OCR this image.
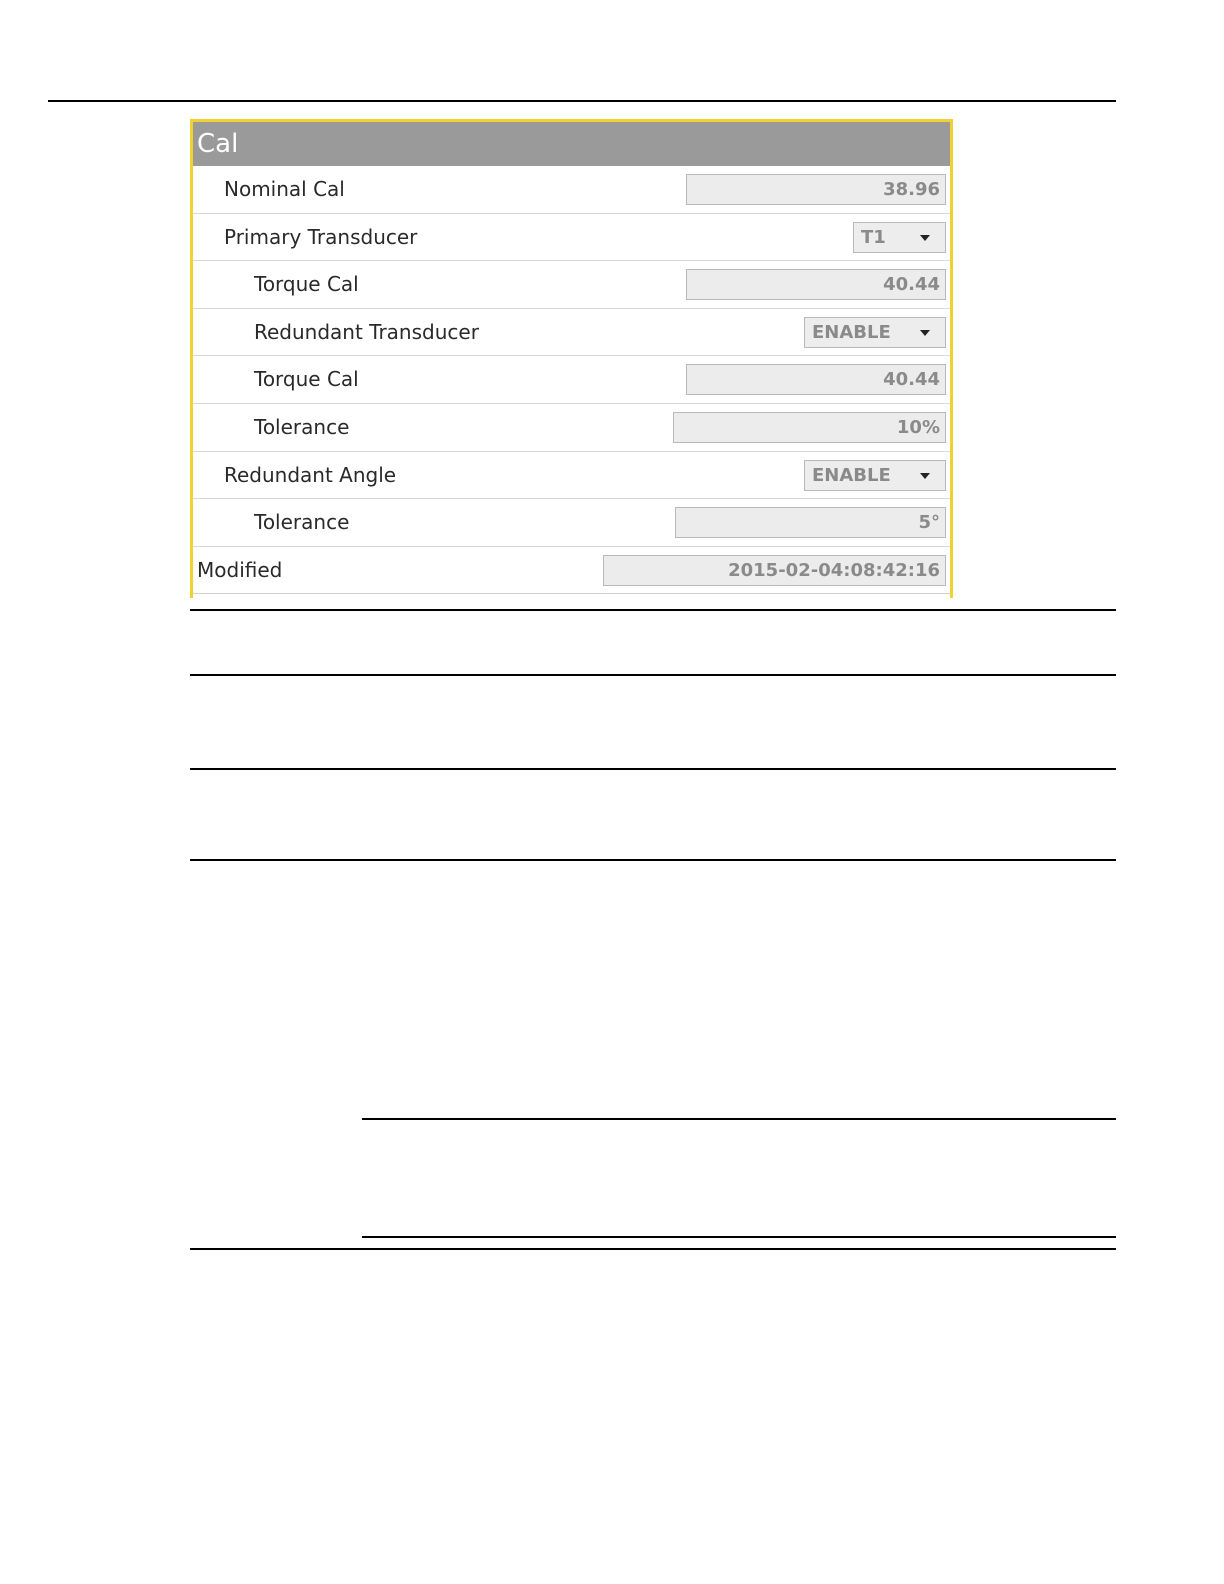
Cal
Nominal Cal	38.96
Primary Transducer	T1
Torque Cal	40.44
Redundant Transducer	ENABLE
Torque Cal	40.44
Tolerance	10%
Redundant Angle	ENABLE
Tolerance	5°
Modified	2015-02-04:08:42:16
